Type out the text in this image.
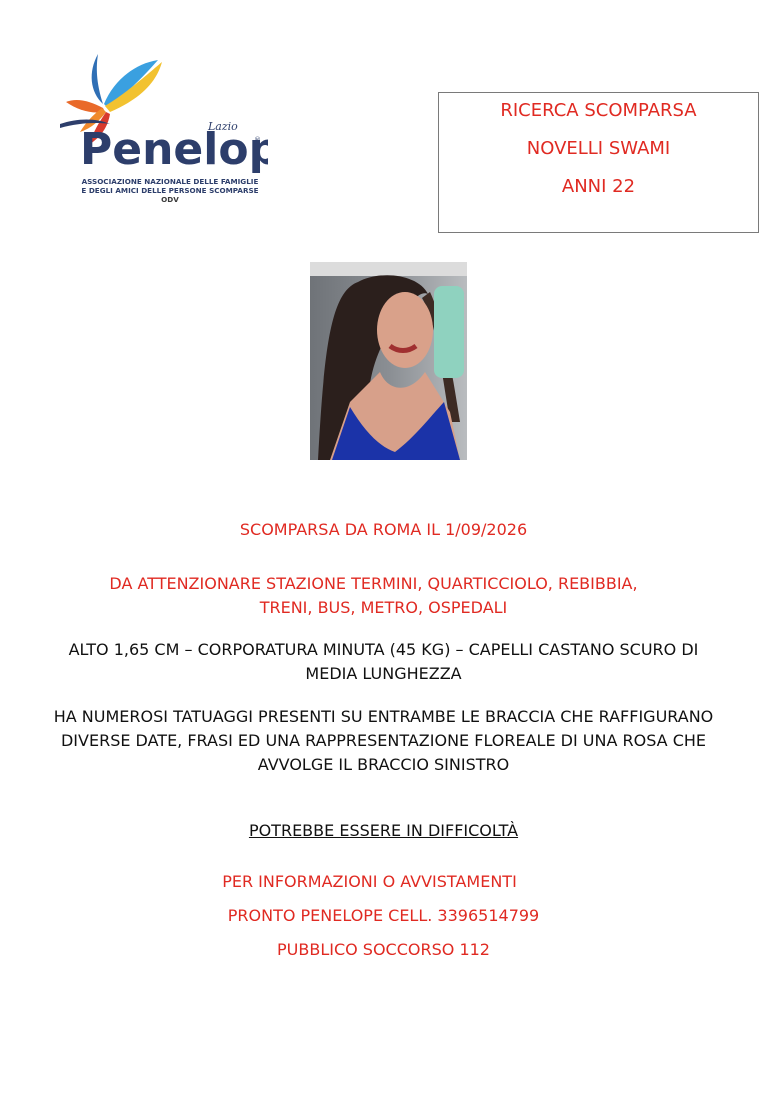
Penelop
®
Lazio
ASSOCIAZIONE NAZIONALE DELLE FAMIGLIE
E DEGLI AMICI DELLE PERSONE SCOMPARSE
ODV
RICERCA SCOMPARSA
NOVELLI SWAMI
ANNI 22
SCOMPARSA DA ROMA IL 1/09/2026
DA ATTENZIONARE STAZIONE TERMINI, QUARTICCIOLO, REBIBBIA,
TRENI, BUS, METRO, OSPEDALI
ALTO 1,65 CM – CORPORATURA MINUTA (45 KG) – CAPELLI CASTANO SCURO DI
MEDIA LUNGHEZZA
HA NUMEROSI TATUAGGI PRESENTI SU ENTRAMBE LE BRACCIA CHE RAFFIGURANO
DIVERSE DATE, FRASI ED UNA RAPPRESENTAZIONE FLOREALE DI UNA ROSA CHE
AVVOLGE IL BRACCIO SINISTRO
POTREBBE ESSERE IN DIFFICOLTÀ
PER INFORMAZIONI O AVVISTAMENTI
PRONTO PENELOPE CELL. 3396514799
PUBBLICO SOCCORSO 112
